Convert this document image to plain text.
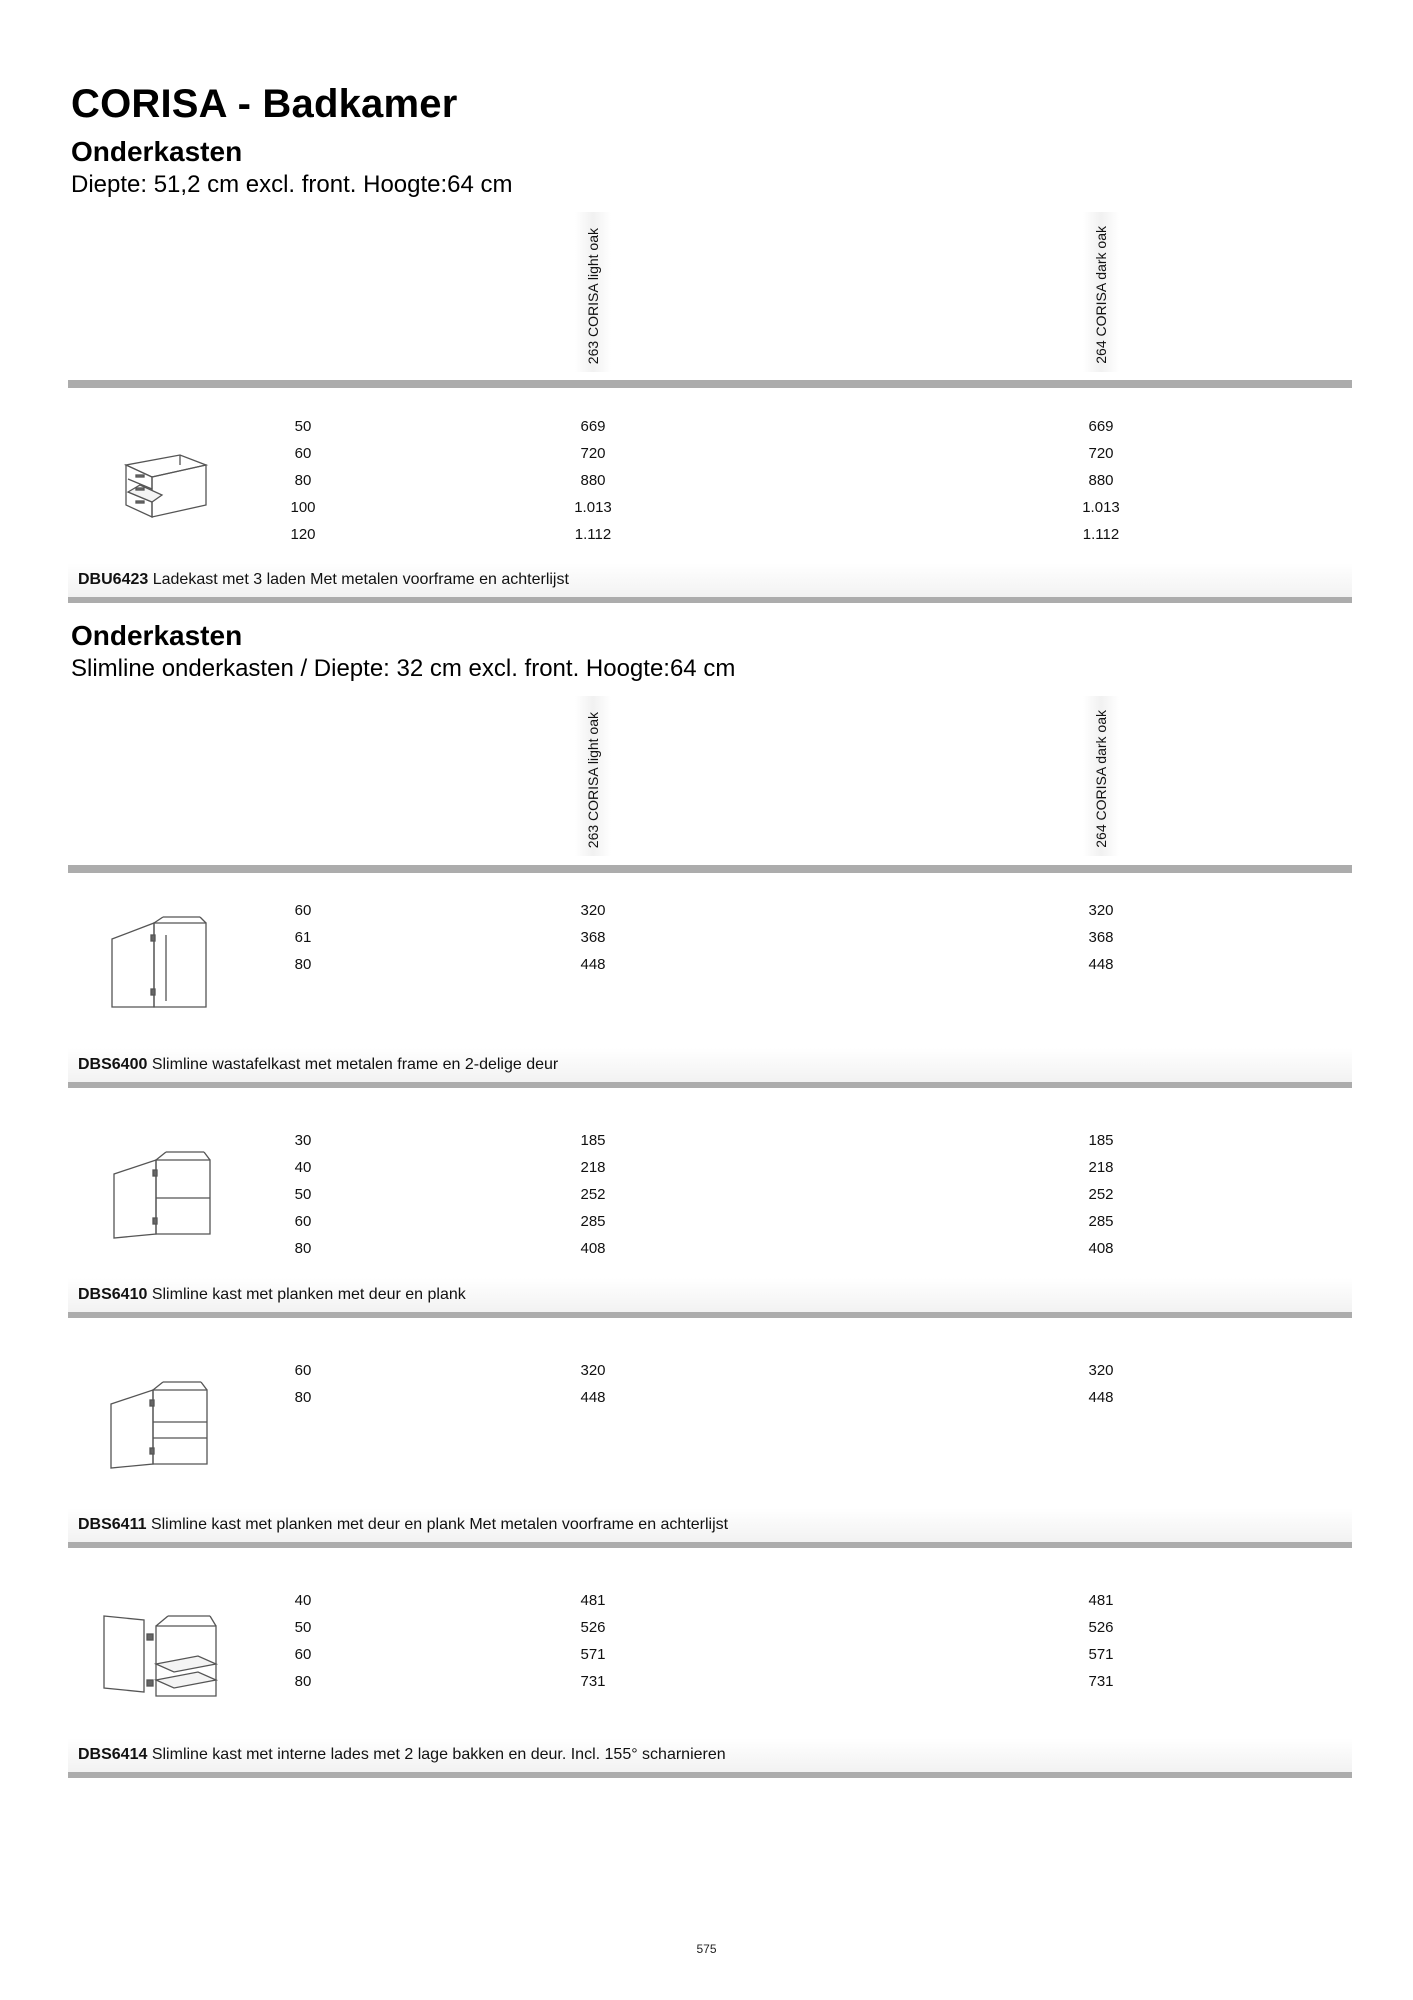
CORISA - Badkamer
Onderkasten
Diepte: 51,2 cm excl. front. Hoogte:64 cm
263 CORISA light oak	264 CORISA dark oak
50
60
80
100
120
669
720
880
1.013
1.112
669
720
880
1.013
1.112
DBU6423 Ladekast met 3 laden Met metalen voorframe en achterlijst
Onderkasten
Slimline onderkasten / Diepte: 32 cm excl. front. Hoogte:64 cm
263 CORISA light oak	264 CORISA dark oak
60
61
80
320
368
448
320
368
448
DBS6400 Slimline wastafelkast met metalen frame en 2-delige deur
30
40
50
60
80
185
218
252
285
408
185
218
252
285
408
DBS6410 Slimline kast met planken met deur en plank
60
80
320
448
320
448
DBS6411 Slimline kast met planken met deur en plank Met metalen voorframe en achterlijst
40
50
60
80
481
526
571
731
481
526
571
731
DBS6414 Slimline kast met interne lades met 2 lage bakken en deur. Incl. 155° scharnieren
575
